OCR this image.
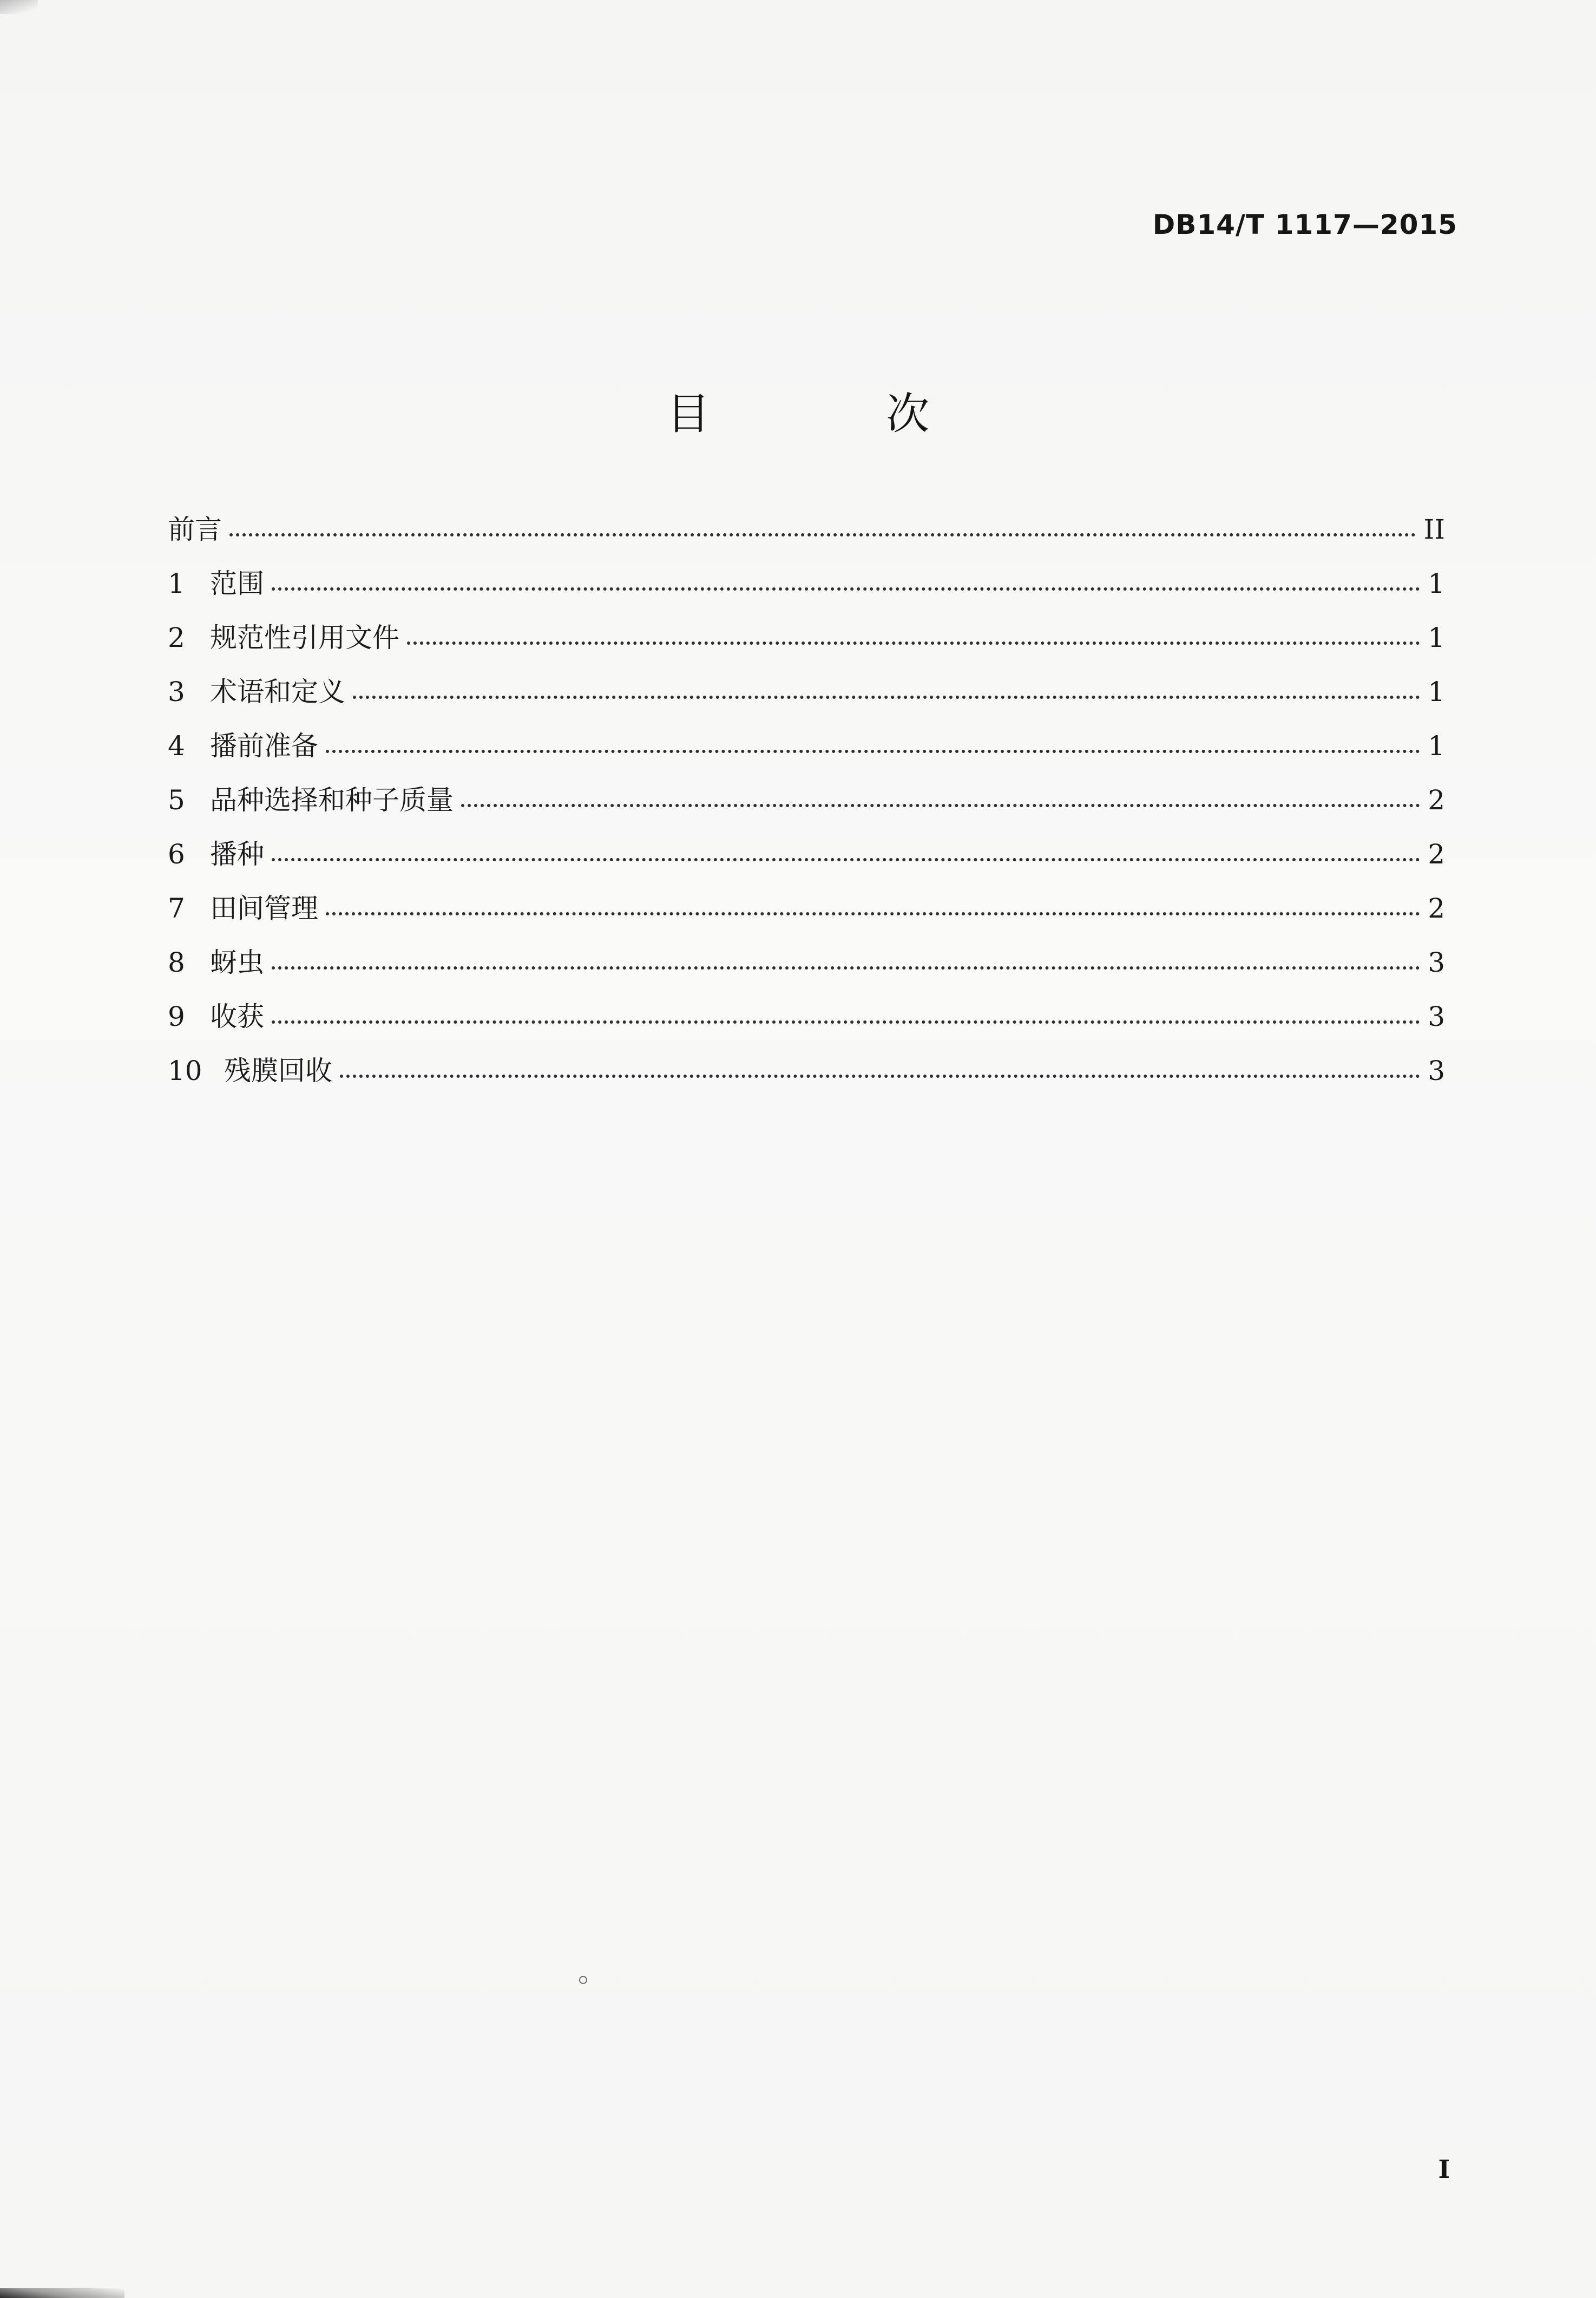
DB14/T 1117—2015
目 次
前言	II
1 范围	1
2 规范性引用文件	1
3 术语和定义	1
4 播前准备	1
5 品种选择和种子质量	2
6 播种	2
7 田间管理	2
8 蚜虫	3
9 收获	3
10 残膜回收	3
I
